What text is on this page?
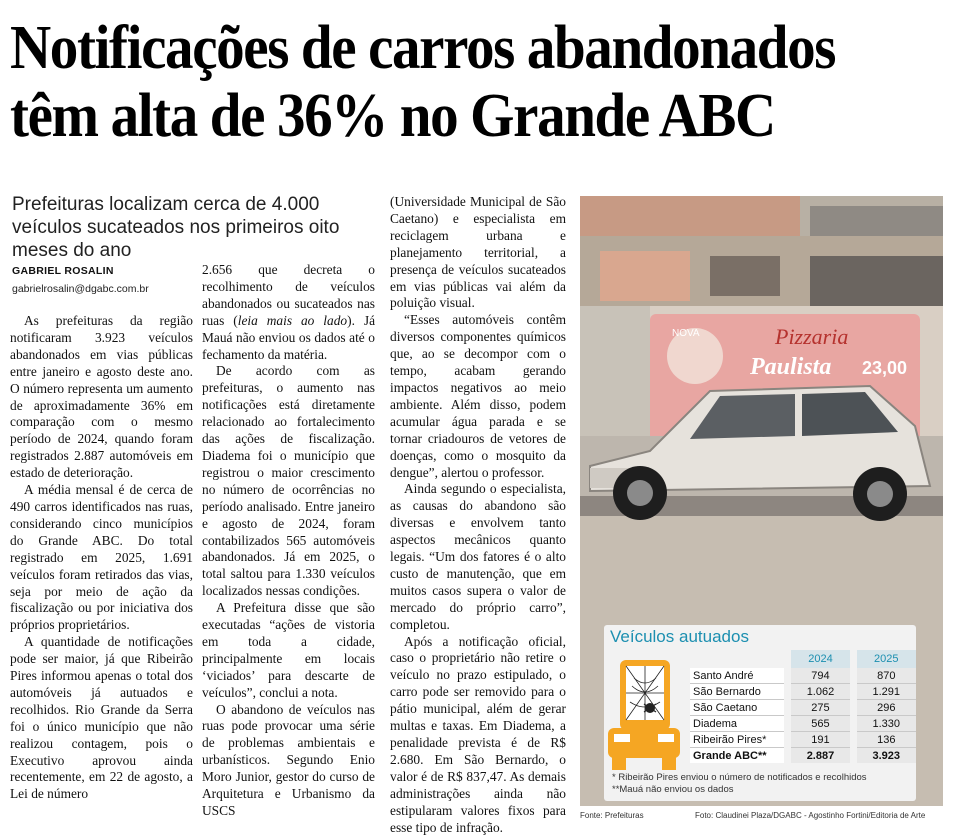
Notificações de carros abandonados
têm alta de 36% no Grande ABC
Prefeituras localizam cerca de 4.000 veículos sucateados nos primeiros oito meses do ano
GABRIEL ROSALIN
gabrielrosalin@dgabc.com.br

As prefeituras da região notificaram 3.923 veículos abandonados em vias públicas entre janeiro e agosto deste ano. O número representa um aumento de aproximadamente 36% em comparação com o mesmo período de 2024, quando foram registrados 2.887 automóveis em estado de deterioração.

A média mensal é de cerca de 490 carros identificados nas ruas, considerando cinco municípios do Grande ABC. Do total registrado em 2025, 1.691 veículos foram retirados das vias, seja por meio de ação da fiscalização ou por iniciativa dos próprios proprietários.

A quantidade de notificações pode ser maior, já que Ribeirão Pires informou apenas o total dos automóveis já autuados e recolhidos. Rio Grande da Serra foi o único município que não realizou contagem, pois o Executivo aprovou ainda recentemente, em 22 de agosto, a Lei de número

2.656 que decreta o recolhimento de veículos abandonados ou sucateados nas ruas (leia mais ao lado). Já Mauá não enviou os dados até o fechamento da matéria.

De acordo com as prefeituras, o aumento nas notificações está diretamente relacionado ao fortalecimento das ações de fiscalização. Diadema foi o município que registrou o maior crescimento no número de ocorrências no período analisado. Entre janeiro e agosto de 2024, foram contabilizados 565 automóveis abandonados. Já em 2025, o total saltou para 1.330 veículos localizados nessas condições.

A Prefeitura disse que são executadas “ações de vistoria em toda a cidade, principalmente em locais ‘viciados’ para descarte de veículos”, conclui a nota.

O abandono de veículos nas ruas pode provocar uma série de problemas ambientais e urbanísticos. Segundo Enio Moro Junior, gestor do curso de Arquitetura e Urbanismo da USCS

(Universidade Municipal de São Caetano) e especialista em reciclagem urbana e planejamento territorial, a presença de veículos sucateados em vias públicas vai além da poluição visual.

“Esses automóveis contêm diversos componentes químicos que, ao se decompor com o tempo, acabam gerando impactos negativos ao meio ambiente. Além disso, podem acumular água parada e se tornar criadouros de vetores de doenças, como o mosquito da dengue”, alertou o professor.

Ainda segundo o especialista, as causas do abandono são diversas e envolvem tanto aspectos mecânicos quanto legais. “Um dos fatores é o alto custo de manutenção, que em muitos casos supera o valor de mercado do próprio carro”, completou.

Após a notificação oficial, caso o proprietário não retire o veículo no prazo estipulado, o carro pode ser removido para o pátio municipal, além de gerar multas e taxas. Em Diadema, a penalidade prevista é de R$ 2.680. Em São Bernardo, o valor é de R$ 837,47. As demais administrações ainda não estipularam valores fixos para esse tipo de infração.

Pizzaria
Paulista
NOVA
23,00
Veículos autuados
		2024		2025
Santo André		794		870
São Bernardo		1.062		1.291
São Caetano		275		296
Diadema		565		1.330
Ribeirão Pires*		191		136
Grande ABC**		2.887		3.923
* Ribeirão Pires enviou o número de notificados e recolhidos
**Mauá não enviou os dados
Fonte: Prefeituras	Foto: Claudinei Plaza/DGABC - Agostinho Fortini/Editoria de Arte
